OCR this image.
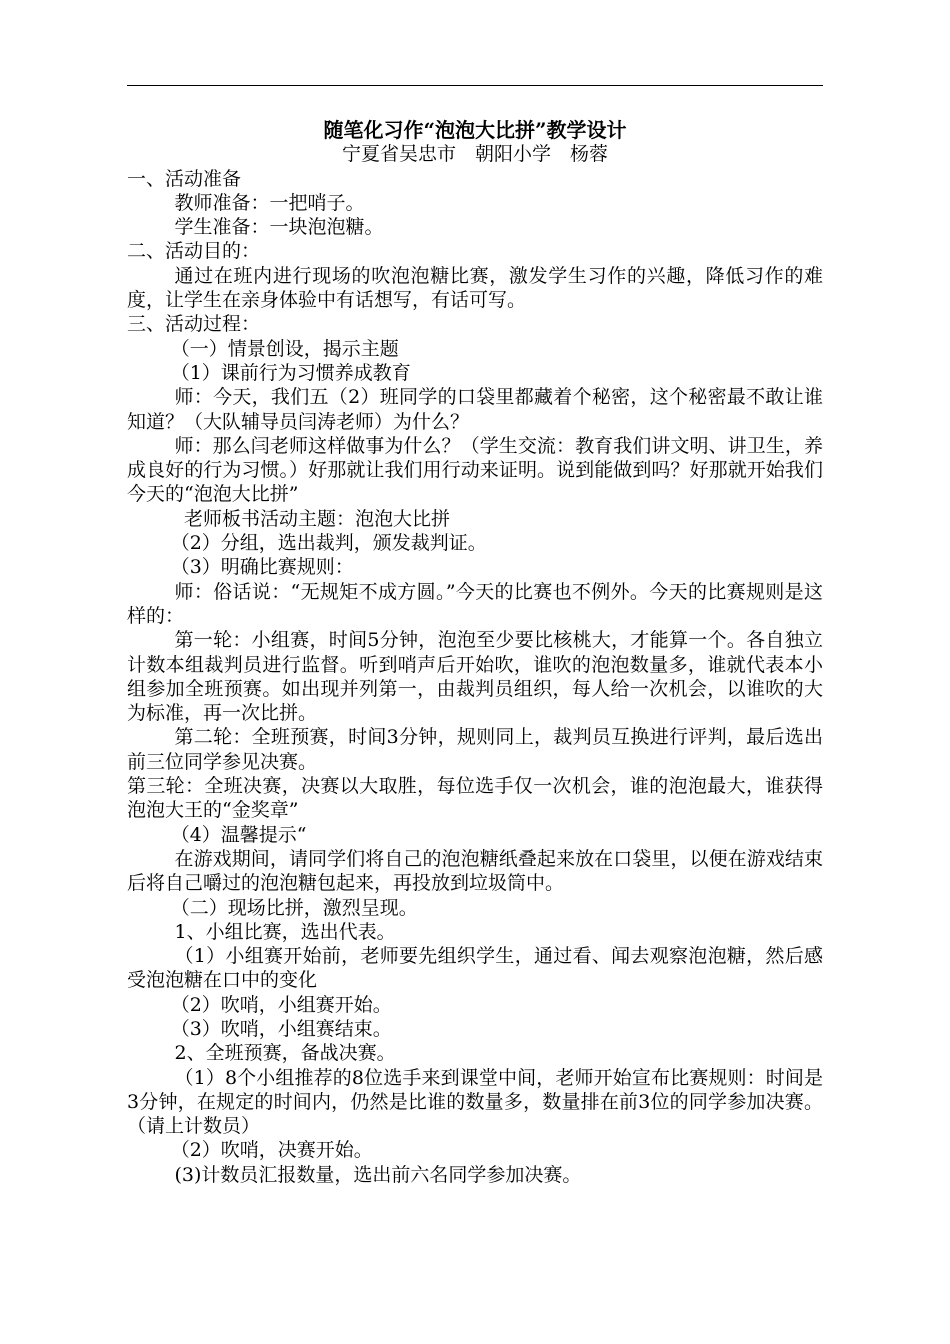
随笔化习作“泡泡大比拼”教学设计

宁夏省吴忠市　朝阳小学　杨蓉

一、活动准备

教师准备：一把哨子。

学生准备：一块泡泡糖。

二、活动目的：

通过在班内进行现场的吹泡泡糖比赛，激发学生习作的兴趣，降低习作的难度，让学生在亲身体验中有话想写，有话可写。

三、活动过程：

（一）情景创设，揭示主题

（1）课前行为习惯养成教育

师：今天，我们五（2）班同学的口袋里都藏着个秘密，这个秘密最不敢让谁知道？（大队辅导员闫涛老师）为什么？

师：那么闫老师这样做事为什么？（学生交流：教育我们讲文明、讲卫生，养成良好的行为习惯。）好那就让我们用行动来证明。说到能做到吗？好那就开始我们今天的“泡泡大比拼”

老师板书活动主题：泡泡大比拼

（2）分组，选出裁判，颁发裁判证。

（3）明确比赛规则：

师：俗话说：“无规矩不成方圆。”今天的比赛也不例外。今天的比赛规则是这样的：

第一轮：小组赛，时间5分钟，泡泡至少要比核桃大，才能算一个。各自独立计数本组裁判员进行监督。听到哨声后开始吹，谁吹的泡泡数量多，谁就代表本小组参加全班预赛。如出现并列第一，由裁判员组织，每人给一次机会，以谁吹的大为标准，再一次比拼。

第二轮：全班预赛，时间3分钟，规则同上，裁判员互换进行评判，最后选出前三位同学参见决赛。

第三轮：全班决赛，决赛以大取胜，每位选手仅一次机会，谁的泡泡最大，谁获得泡泡大王的“金奖章”

（4）温馨提示“

在游戏期间，请同学们将自己的泡泡糖纸叠起来放在口袋里，以便在游戏结束后将自己嚼过的泡泡糖包起来，再投放到垃圾筒中。

（二）现场比拼，激烈呈现。

1、小组比赛，选出代表。

（1）小组赛开始前，老师要先组织学生，通过看、闻去观察泡泡糖，然后感受泡泡糖在口中的变化

（2）吹哨，小组赛开始。

（3）吹哨，小组赛结束。

2、全班预赛，备战决赛。

（1）8个小组推荐的8位选手来到课堂中间，老师开始宣布比赛规则：时间是3分钟，在规定的时间内，仍然是比谁的数量多，数量排在前3位的同学参加决赛。（请上计数员）

（2）吹哨，决赛开始。

(3)计数员汇报数量，选出前六名同学参加决赛。
